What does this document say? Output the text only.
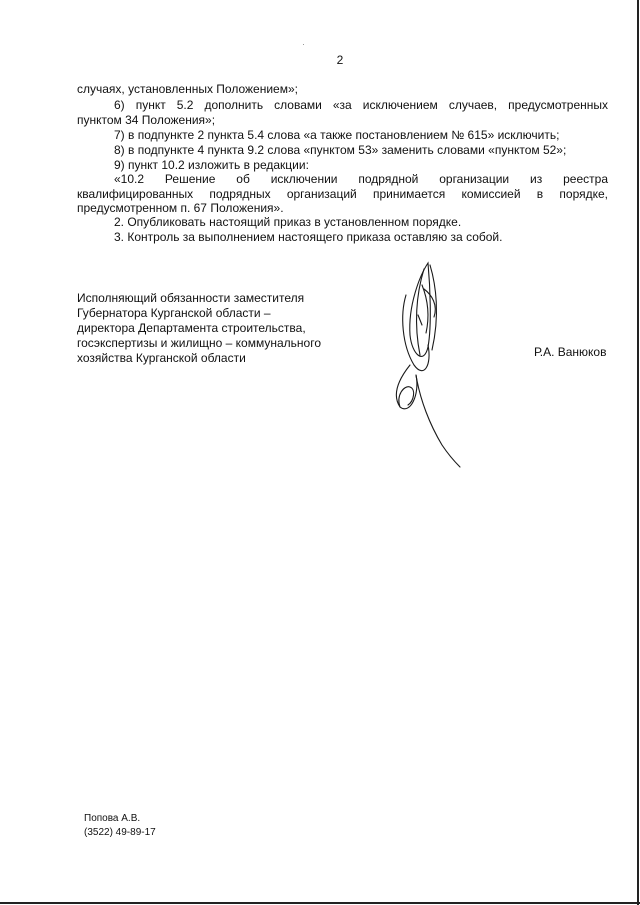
2
случаях, установленных Положением»;
6) пункт 5.2 дополнить словами «за исключением случаев, предусмотренных
пунктом 34 Положения»;
7) в подпункте 2 пункта 5.4 слова «а также постановлением № 615» исключить;
8) в подпункте 4 пункта 9.2 слова «пунктом 53» заменить словами «пунктом 52»;
9) пункт 10.2 изложить в редакции:
«10.2 Решение об исключении подрядной организации из реестра
квалифицированных подрядных организаций принимается комиссией в порядке,
предусмотренном п. 67 Положения».
2. Опубликовать настоящий приказ в установленном порядке.
3. Контроль за выполнением настоящего приказа оставляю за собой.
Исполняющий обязанности заместителя
Губернатора Курганской области –
директора Департамента строительства,
госэкспертизы и жилищно – коммунального
хозяйства Курганской области	Р.А. Ванюков
Попова А.В.
(3522) 49-89-17
